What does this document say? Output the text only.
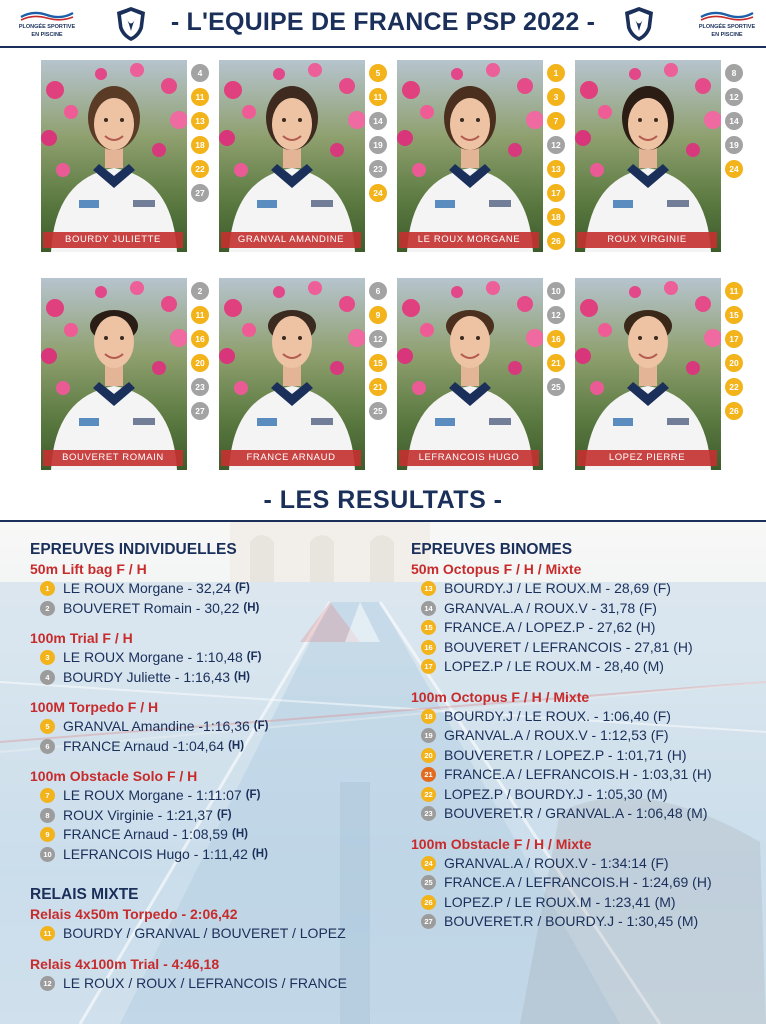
PLONGÉE SPORTIVE
EN PISCINE	- L'EQUIPE DE FRANCE PSP 2022 -	PLONGÉE SPORTIVE
EN PISCINE
BOURDY JULIETTE
4
11
13
18
22
27
GRANVAL AMANDINE
5
11
14
19
23
24
LE ROUX MORGANE
1
3
7
12
13
17
18
26	ROUX VIRGINIE
8
12
14
19
24
BOUVERET ROMAIN
2
11
16
20
23
27
FRANCE ARNAUD
6
9
12
15
21
25
LEFRANCOIS HUGO
10
12
16
21
25
LOPEZ PIERRE
11
15
17
20
22
26
- LES RESULTATS -
EPREUVES INDIVIDUELLES
50m Lift bag F / H
1 LE ROUX Morgane - 32,24 (F)
2 BOUVERET Romain - 30,22 (H)
100m Trial F / H
3 LE ROUX Morgane - 1:10,48 (F)
4 BOURDY Juliette - 1:16,43 (H)
100M Torpedo F / H
5 GRANVAL Amandine -1:16,36 (F)
6 FRANCE Arnaud -1:04,64 (H)
100m Obstacle Solo F / H
7 LE ROUX Morgane - 1:11:07 (F)
8 ROUX Virginie - 1:21,37 (F)
9 FRANCE Arnaud - 1:08,59 (H)
10 LEFRANCOIS Hugo - 1:11,42 (H)
RELAIS MIXTE
Relais 4x50m Torpedo - 2:06,42
11 BOURDY / GRANVAL / BOUVERET / LOPEZ
Relais 4x100m Trial - 4:46,18
12 LE ROUX / ROUX / LEFRANCOIS / FRANCE
EPREUVES BINOMES
50m Octopus F / H / Mixte
13 BOURDY.J / LE ROUX.M - 28,69 (F)
14 GRANVAL.A / ROUX.V - 31,78 (F)
15 FRANCE.A / LOPEZ.P - 27,62 (H)
16 BOUVERET / LEFRANCOIS - 27,81 (H)
17 LOPEZ.P / LE ROUX.M - 28,40 (M)
100m Octopus F / H / Mixte
18 BOURDY.J / LE ROUX. - 1:06,40 (F)
19 GRANVAL.A / ROUX.V - 1:12,53 (F)
20 BOUVERET.R / LOPEZ.P - 1:01,71 (H)
21 FRANCE.A / LEFRANCOIS.H - 1:03,31 (H)
22 LOPEZ.P / BOURDY.J - 1:05,30 (M)
23 BOUVERET.R / GRANVAL.A - 1:06,48 (M)
100m Obstacle F / H / Mixte
24 GRANVAL.A / ROUX.V - 1:34:14 (F)
25 FRANCE.A / LEFRANCOIS.H - 1:24,69 (H)
26 LOPEZ.P / LE ROUX.M - 1:23,41 (M)
27 BOUVERET.R / BOURDY.J - 1:30,45 (M)
